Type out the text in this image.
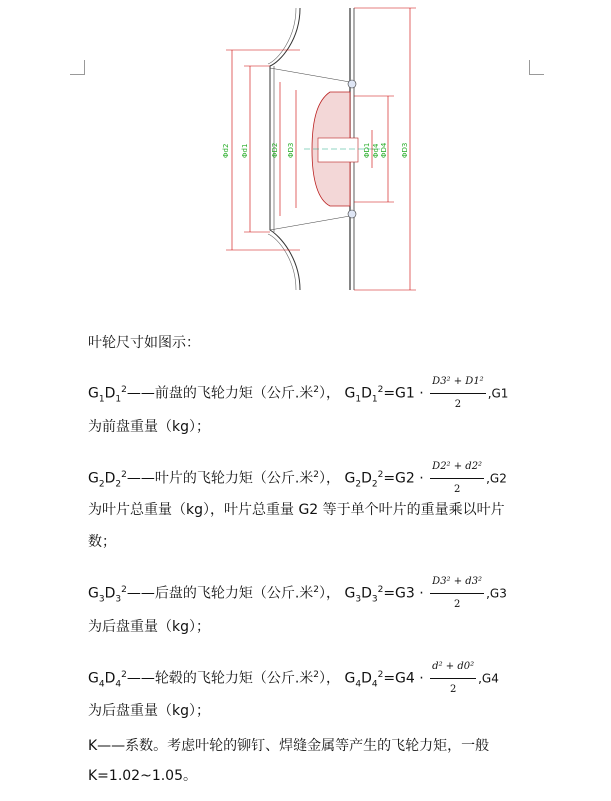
Φd2 Φd1	ΦD2 ΦD3	ΦD1 Φd4 ΦD4 ΦD3
叶轮尺寸如图示：
$G_1D_1^2——$前盘的飞轮力矩（公斤.米$^2$）， $G_1D_1^2=G1 \cdot \frac{\text{D3² + D1²}}{2} ,G1$
为前盘重量（kg）；
$G_2D_2^2——$叶片的飞轮力矩（公斤.米$^2$）， $G_2D_2^2=G2 \cdot \frac{\text{D2² + d2²}}{2} ,G2$
为叶片总重量（kg），叶片总重量 G2 等于单个叶片的重量乘以叶片
数；
$G_3D_3^2——$后盘的飞轮力矩（公斤.米$^2$）， $G_3D_3^2=G3 \cdot \frac{\text{D3² + d3²}}{2} ,G3$
为后盘重量（kg）；
$G_4D_4^2——$轮毂的飞轮力矩（公斤.米$^2$）， $G_4D_4^2=G4 \cdot \frac{\text{d² + d0²}}{2} ,G4$
为后盘重量（kg）；
K——系数。考虑叶轮的铆钉、焊缝金属等产生的飞轮力矩，一般
K=1.02~1.05。
